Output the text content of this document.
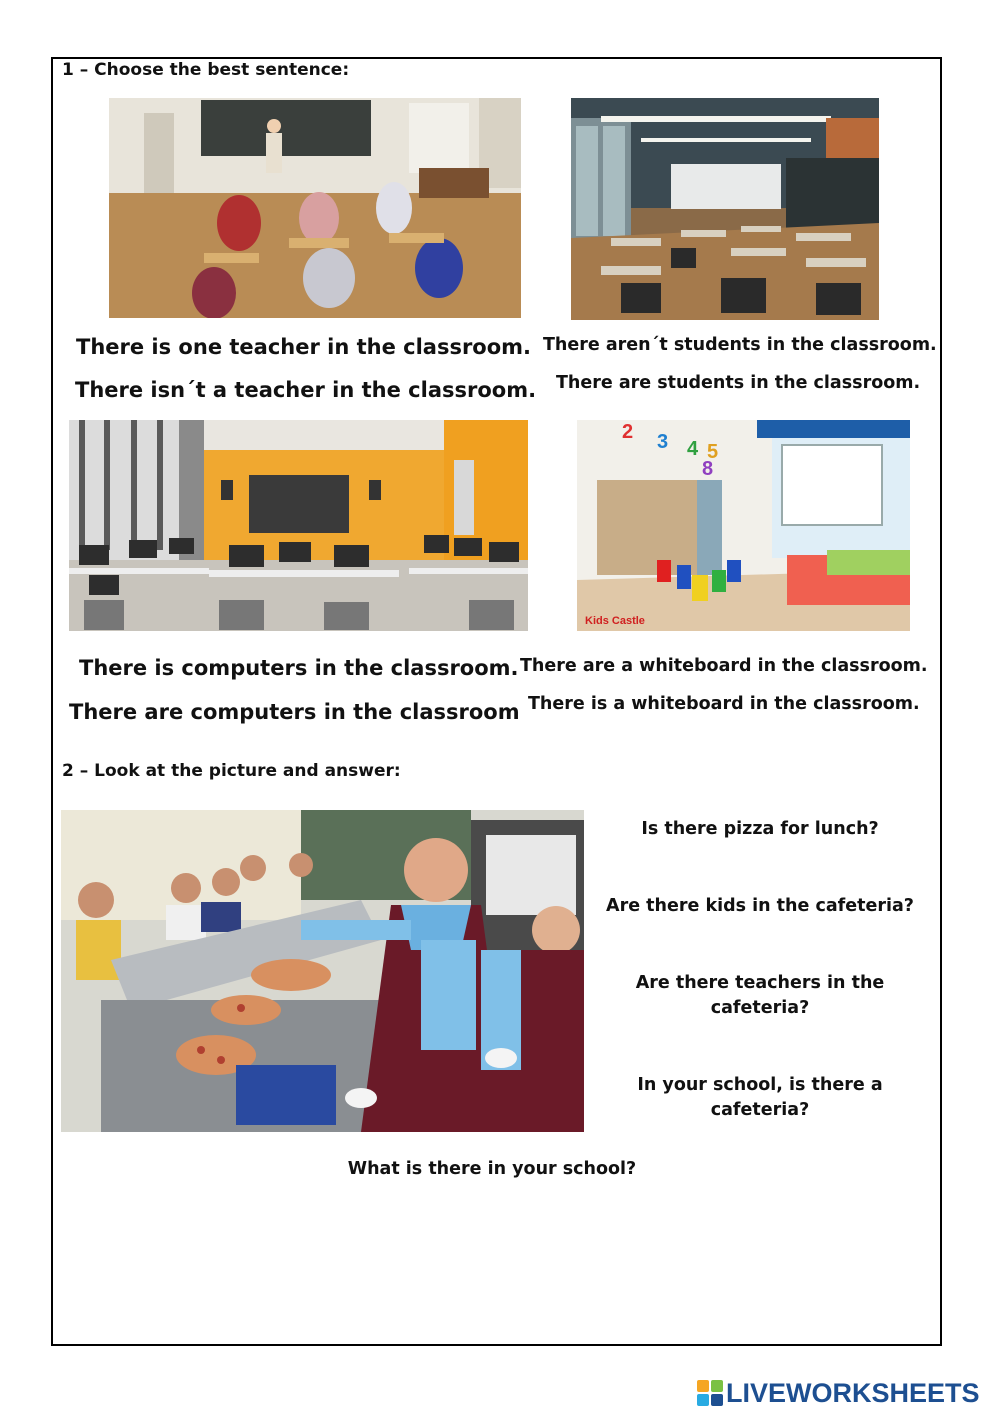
1 – Choose the best sentence:
There is one teacher in the classroom.
There isn´t a teacher in the classroom.
There aren´t students in the classroom.
There are students in the classroom.
2 3 4 5
8
Kids Castle
There is computers in the classroom.
There are computers in the classroom
There are a whiteboard in the classroom.
There is a whiteboard in the classroom.
2 – Look at the picture and answer:
Is there pizza for lunch?
Are there kids in the cafeteria?
Are there teachers in the cafeteria?
In your school, is there a cafeteria?
What is there in your school?
LIVEWORKSHEETS
